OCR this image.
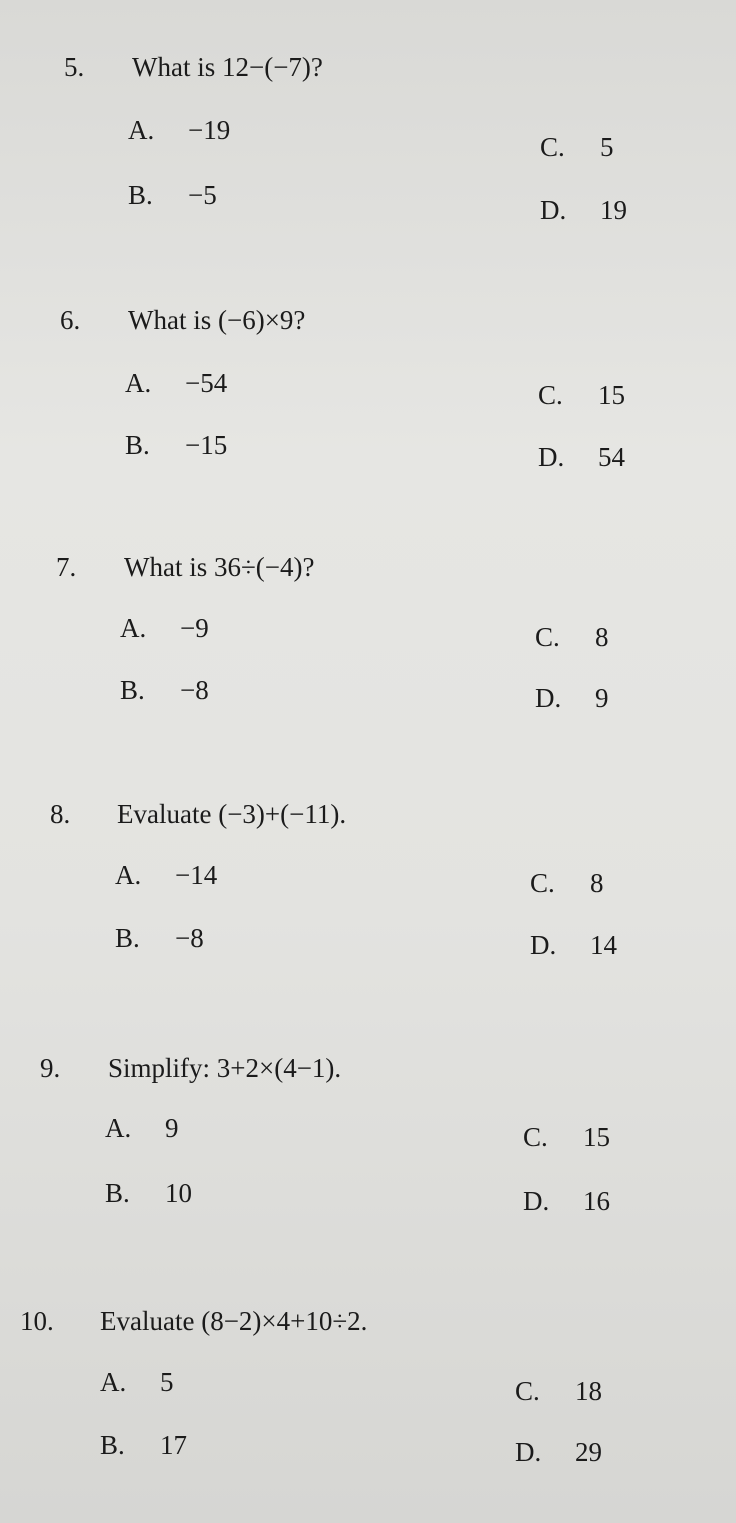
5. What is 12−(−7)?
A. −19
B. −5
C. 5
D. 19
6. What is (−6)×9?
A. −54
B. −15
C. 15
D. 54
7. What is 36÷(−4)?
A. −9
B. −8
C. 8
D. 9
8. Evaluate (−3)+(−11).
A. −14
B. −8
C. 8
D. 14
9. Simplify: 3+2×(4−1).
A. 9
B. 10
C. 15
D. 16
10. Evaluate (8−2)×4+10÷2.
A. 5
B. 17
C. 18
D. 29
